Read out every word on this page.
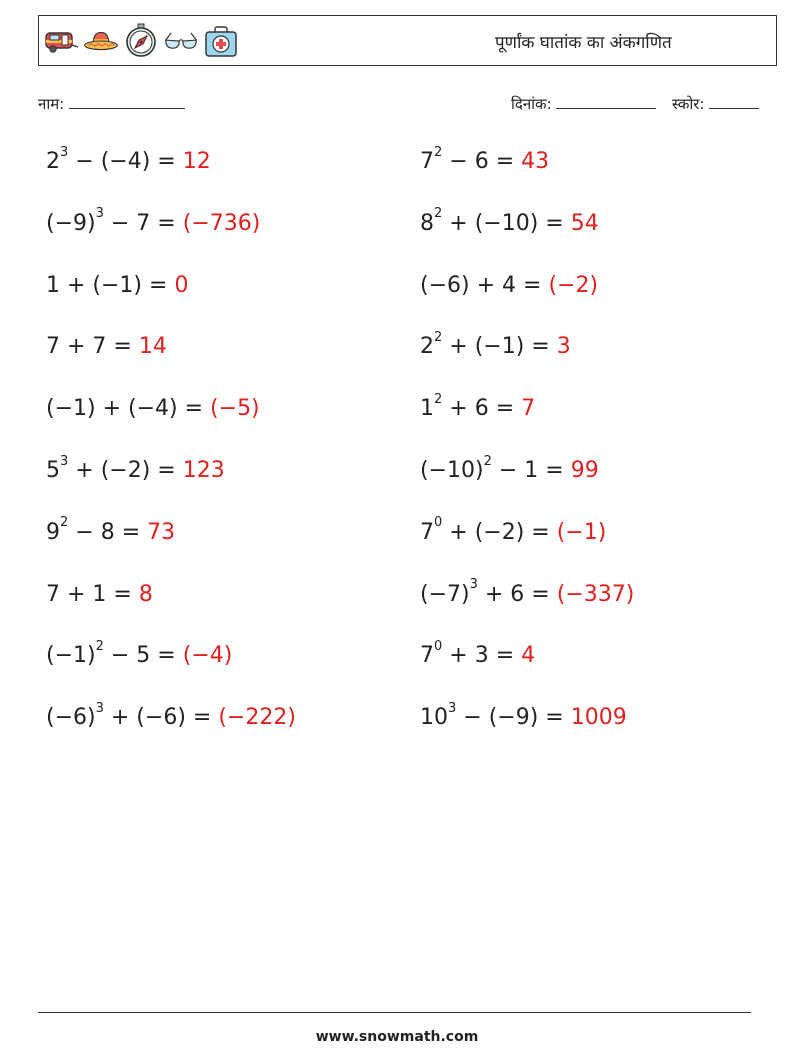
पूर्णांक घातांक का अंकगणित
नाम:	दिनांक:	स्कोर:
$2^3 - (-4) = 12$
$(-9)^3 - 7 = (-736)$
1 + (−1) = 0
7 + 7 = 14
(−1) + (−4) = (−5)
$5^3 + (-2) = 123$
$9^2 - 8 = 73$
7 + 1 = 8
$(-1)^2 - 5 = (-4)$
$(-6)^3 + (-6) = (-222)$
$7^2 - 6 = 43$
$8^2 + (-10) = 54$
(−6) + 4 = (−2)
$2^2 + (-1) = 3$
$1^2 + 6 = 7$
$(-10)^2 - 1 = 99$
$7^0 + (-2) = (-1)$
$(-7)^3 + 6 = (-337)$
$7^0 + 3 = 4$
$10^3 - (-9) = 1009$
www.snowmath.com
